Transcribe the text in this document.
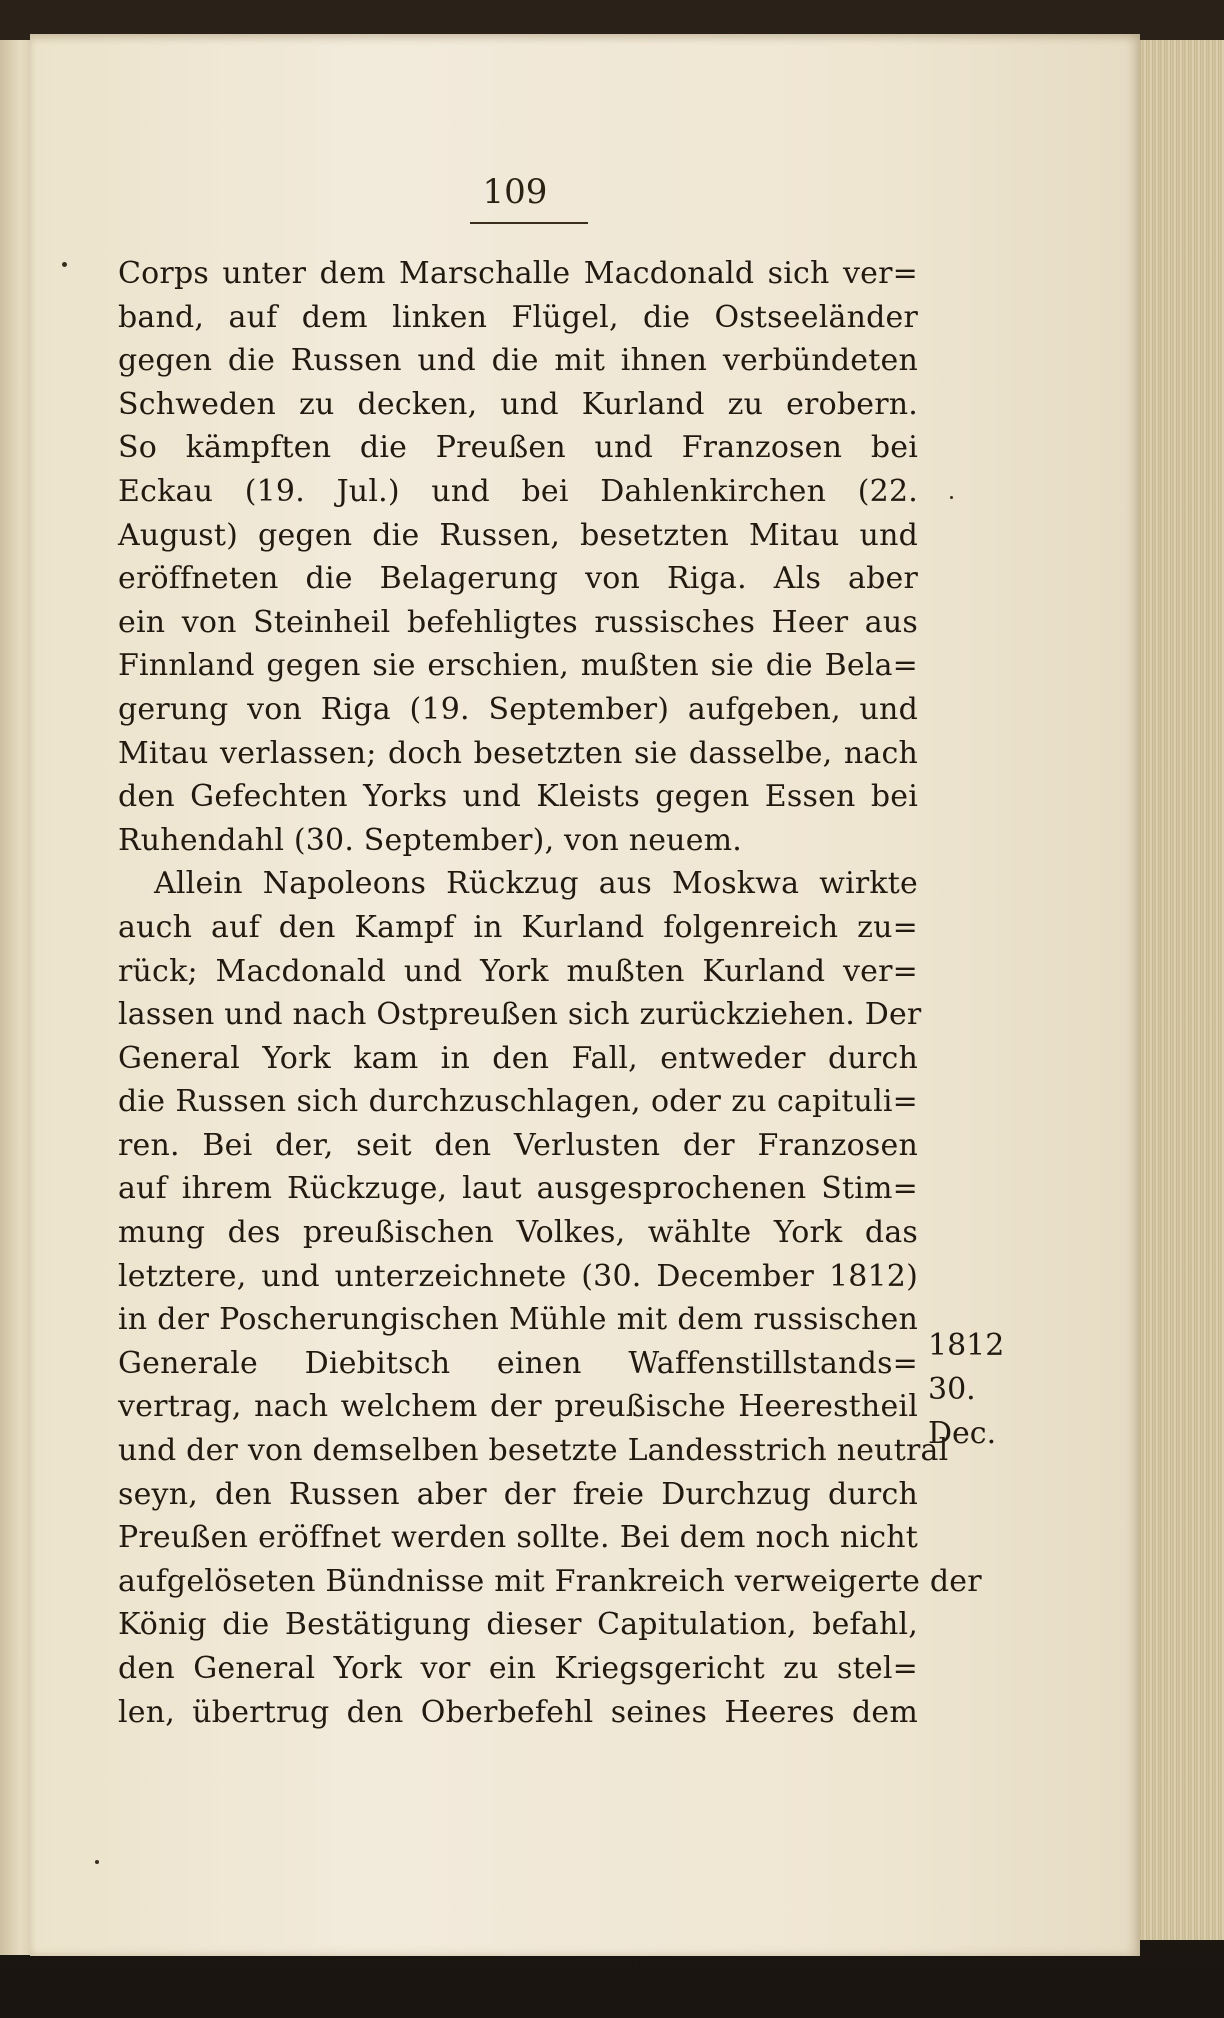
109
Corps unter dem Marschalle Macdonald sich ver=
band, auf dem linken Flügel, die Ostseeländer
gegen die Russen und die mit ihnen verbündeten
Schweden zu decken, und Kurland zu erobern.
So kämpften die Preußen und Franzosen bei
Eckau (19. Jul.) und bei Dahlenkirchen (22.
August) gegen die Russen, besetzten Mitau und
eröffneten die Belagerung von Riga. Als aber
ein von Steinheil befehligtes russisches Heer aus
Finnland gegen sie erschien, mußten sie die Bela=
gerung von Riga (19. September) aufgeben, und
Mitau verlassen; doch besetzten sie dasselbe, nach
den Gefechten Yorks und Kleists gegen Essen bei
Ruhendahl (30. September), von neuem.
Allein Napoleons Rückzug aus Moskwa wirkte
auch auf den Kampf in Kurland folgenreich zu=
rück; Macdonald und York mußten Kurland ver=
lassen und nach Ostpreußen sich zurückziehen. Der
General York kam in den Fall, entweder durch
die Russen sich durchzuschlagen, oder zu capituli=
ren. Bei der, seit den Verlusten der Franzosen
auf ihrem Rückzuge, laut ausgesprochenen Stim=
mung des preußischen Volkes, wählte York das
letztere, und unterzeichnete (30. December 1812)
in der Poscherungischen Mühle mit dem russischen
Generale Diebitsch einen Waffenstillstands=
vertrag, nach welchem der preußische Heerestheil
und der von demselben besetzte Landesstrich neutral
seyn, den Russen aber der freie Durchzug durch
Preußen eröffnet werden sollte. Bei dem noch nicht
aufgelöseten Bündnisse mit Frankreich verweigerte der
König die Bestätigung dieser Capitulation, befahl,
den General York vor ein Kriegsgericht zu stel=
len, übertrug den Oberbefehl seines Heeres dem
1812
30.
Dec.
